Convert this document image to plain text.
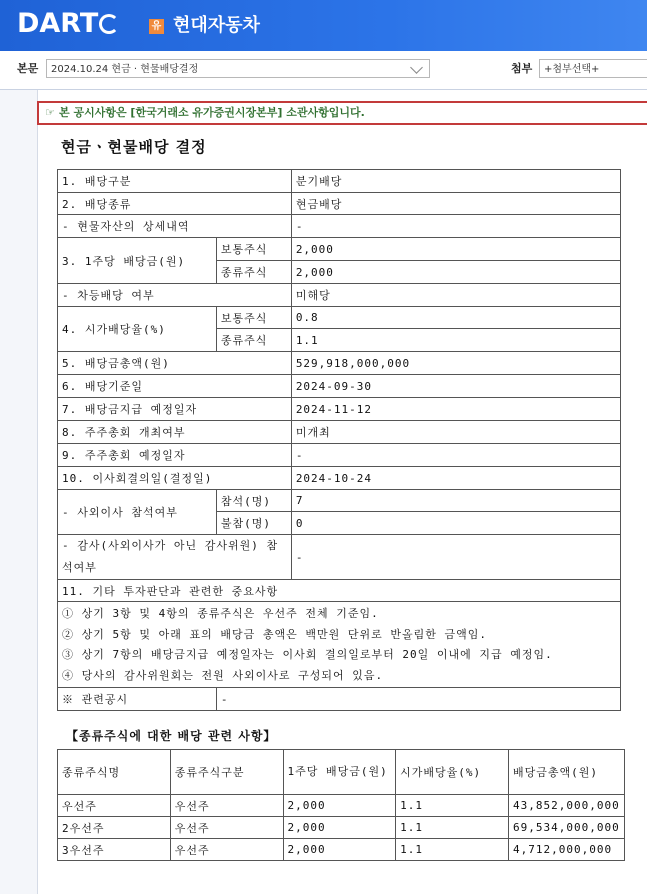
DART	유 현대자동차
본문	2024.10.24 현금 · 현물배당결정	첨부	+첨부선택+
☞ 본 공시사항은 [한국거래소 유가증권시장본부] 소관사항입니다.
현금ㆍ현물배당 결정
1. 배당구분		분기배당
2. 배당종류		현금배당
- 현물자산의 상세내역		-
3. 1주당 배당금(원)	보통주식	2,000
	종류주식	2,000
- 차등배당 여부		미해당
4. 시가배당율(%)	보통주식	0.8
	종류주식	1.1
5. 배당금총액(원)		529,918,000,000
6. 배당기준일		2024-09-30
7. 배당금지급 예정일자		2024-11-12
8. 주주총회 개최여부		미개최
9. 주주총회 예정일자		-
10. 이사회결의일(결정일)		2024-10-24
- 사외이사 참석여부	참석(명)	7
	불참(명)	0
- 감사(사외이사가 아닌 감사위원) 참석여부		-
11. 기타 투자판단과 관련한 중요사항		

① 상기 3항 및 4항의 종류주식은 우선주 전체 기준임.
② 상기 5항 및 아래 표의 배당금 총액은 백만원 단위로 반올림한 금액임.
③ 상기 7항의 배당금지급 예정일자는 이사회 결의일로부터 20일 이내에 지급 예정임.
④ 당사의 감사위원회는 전원 사외이사로 구성되어 있음.		

※ 관련공시	-	
【종류주식에 대한 배당 관련 사항】
종류주식명	종류주식구분	1주당 배당금(원)	시가배당율(%)	배당금총액(원)
우선주	우선주	2,000	1.1	43,852,000,000
2우선주	우선주	2,000	1.1	69,534,000,000
3우선주	우선주	2,000	1.1	4,712,000,000
